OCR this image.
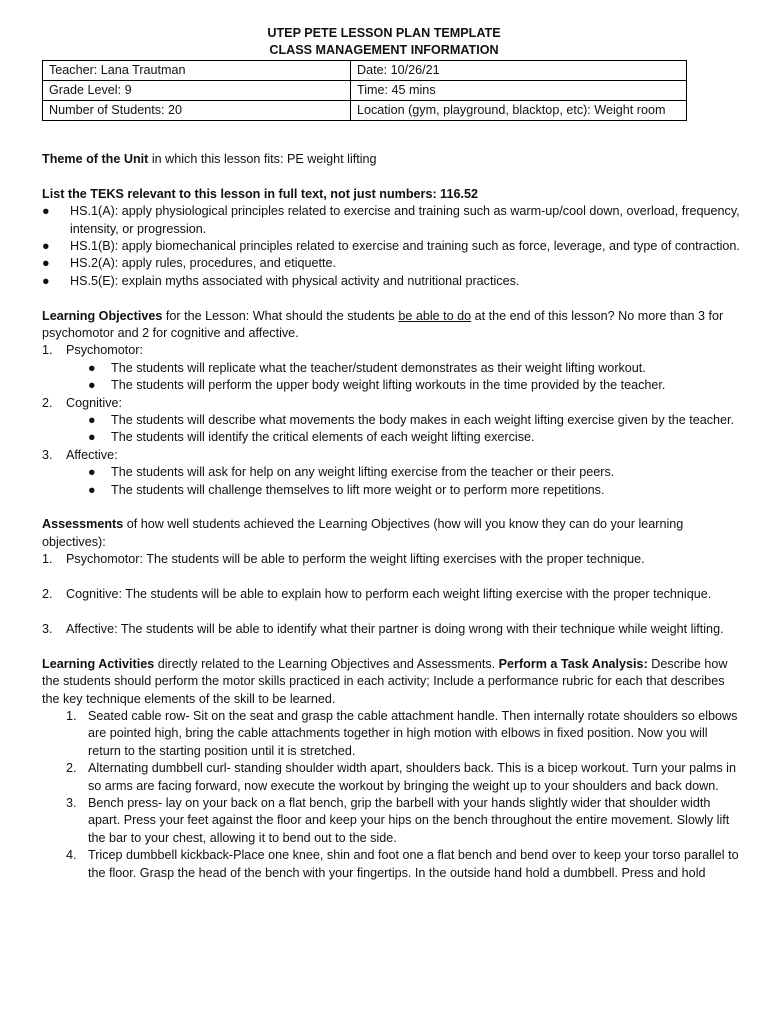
UTEP PETE LESSON PLAN TEMPLATE
CLASS MANAGEMENT INFORMATION
Teacher: Lana Trautman	Date: 10/26/21
Grade Level: 9	Time: 45 mins
Number of Students: 20	Location (gym, playground, blacktop, etc): Weight room

Theme of the Unit in which this lesson fits: PE weight lifting

List the TEKS relevant to this lesson in full text, not just numbers: 116.52

● HS.1(A): apply physiological principles related to exercise and training such as warm-up/cool down, overload, frequency, intensity, or progression.
● HS.1(B): apply biomechanical principles related to exercise and training such as force, leverage, and type of contraction.
● HS.2(A): apply rules, procedures, and etiquette.
● HS.5(E): explain myths associated with physical activity and nutritional practices.

Learning Objectives for the Lesson: What should the students be able to do at the end of this lesson? No more than 3 for psychomotor and 2 for cognitive and affective.

1. Psychomotor:
● The students will replicate what the teacher/student demonstrates as their weight lifting workout.
● The students will perform the upper body weight lifting workouts in the time provided by the teacher.
2. Cognitive:
● The students will describe what movements the body makes in each weight lifting exercise given by the teacher.
● The students will identify the critical elements of each weight lifting exercise.
3. Affective:
● The students will ask for help on any weight lifting exercise from the teacher or their peers.
● The students will challenge themselves to lift more weight or to perform more repetitions.

Assessments of how well students achieved the Learning Objectives (how will you know they can do your learning objectives):

1. Psychomotor: The students will be able to perform the weight lifting exercises with the proper technique.
2. Cognitive: The students will be able to explain how to perform each weight lifting exercise with the proper technique.
3. Affective: The students will be able to identify what their partner is doing wrong with their technique while weight lifting.

Learning Activities directly related to the Learning Objectives and Assessments. Perform a Task Analysis: Describe how the students should perform the motor skills practiced in each activity; Include a performance rubric for each that describes the key technique elements of the skill to be learned.

1. Seated cable row- Sit on the seat and grasp the cable attachment handle. Then internally rotate shoulders so elbows are pointed high, bring the cable attachments together in high motion with elbows in fixed position. Now you will return to the starting position until it is stretched.
2. Alternating dumbbell curl- standing shoulder width apart, shoulders back. This is a bicep workout. Turn your palms in so arms are facing forward, now execute the workout by bringing the weight up to your shoulders and back down.
3. Bench press- lay on your back on a flat bench, grip the barbell with your hands slightly wider that shoulder width apart. Press your feet against the floor and keep your hips on the bench throughout the entire movement. Slowly lift the bar to your chest, allowing it to bend out to the side.
4. Tricep dumbbell kickback-Place one knee, shin and foot one a flat bench and bend over to keep your torso parallel to the floor. Grasp the head of the bench with your fingertips. In the outside hand hold a dumbbell. Press and hold
